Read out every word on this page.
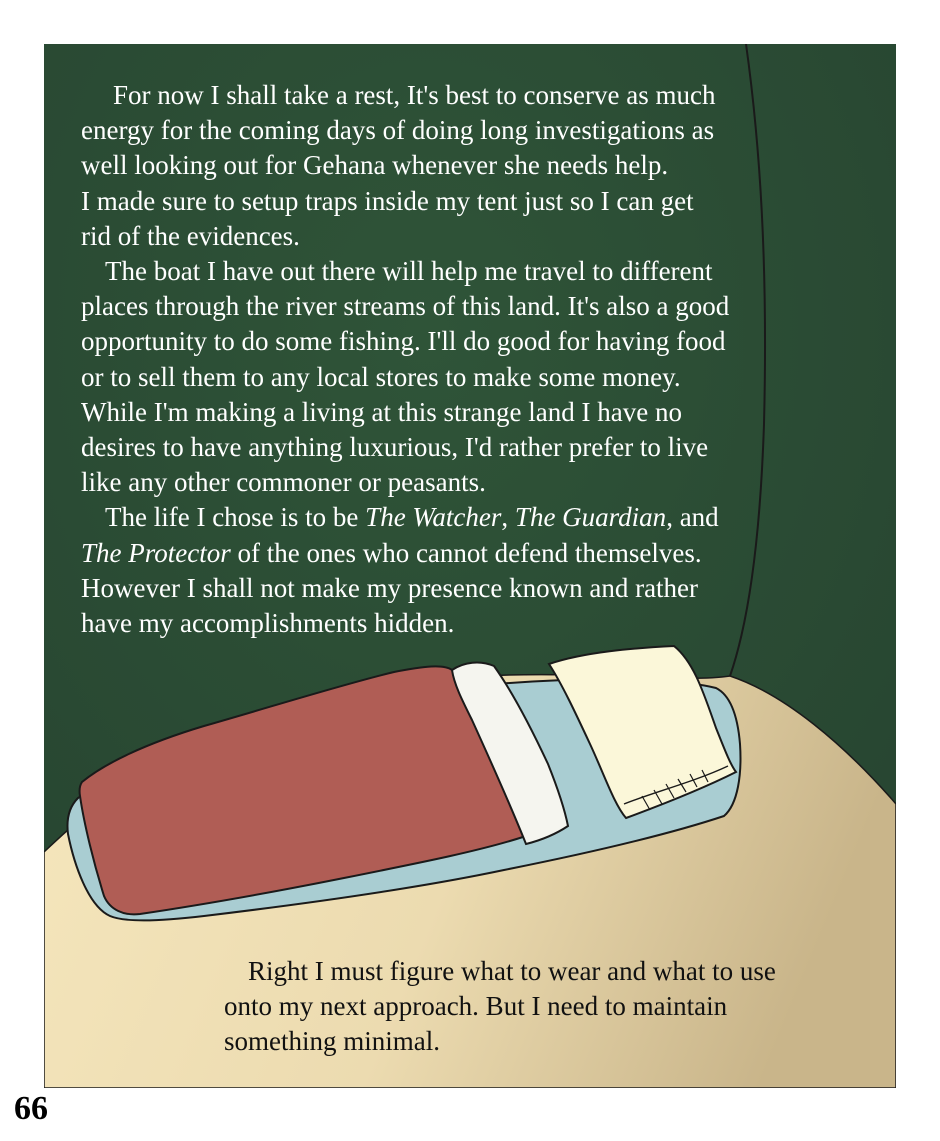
For now I shall take a rest, It's best to conserve as much

energy for the coming days of doing long investigations as

well looking out for Gehana whenever she needs help.

I made sure to setup traps inside my tent just so I can get

rid of the evidences.

The boat I have out there will help me travel to different

places through the river streams of this land. It's also a good

opportunity to do some fishing. I'll do good for having food

or to sell them to any local stores to make some money.

While I'm making a living at this strange land I have no

desires to have anything luxurious, I'd rather prefer to live

like any other commoner or peasants.

The life I chose is to be The Watcher, The Guardian, and

The Protector of the ones who cannot defend themselves.

However I shall not make my presence known and rather

have my accomplishments hidden.

Right I must figure what to wear and what to use

onto my next approach. But I need to maintain

something minimal.

66
